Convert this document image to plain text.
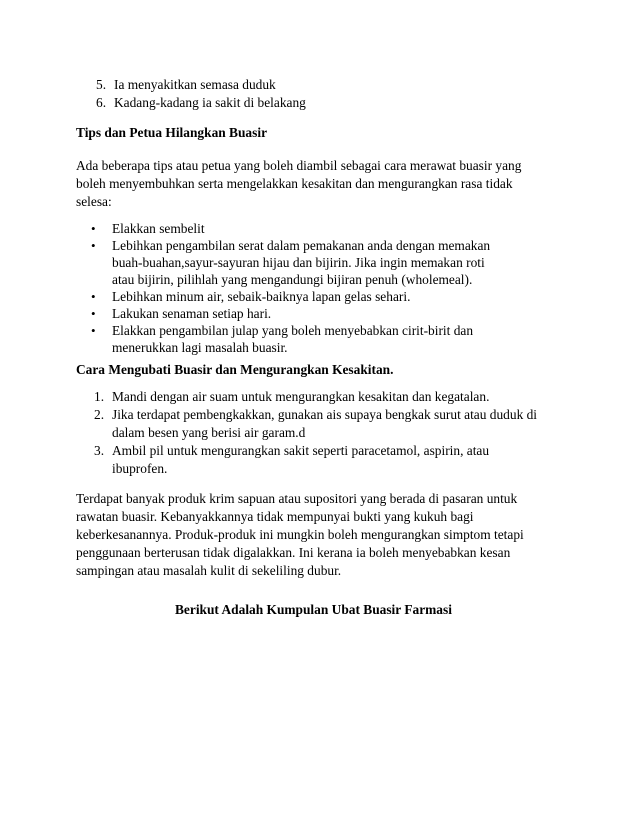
5. Ia menyakitkan semasa duduk
6. Kadang-kadang ia sakit di belakang
Tips dan Petua Hilangkan Buasir
Ada beberapa tips atau petua yang boleh diambil sebagai cara merawat buasir yang
boleh menyembuhkan serta mengelakkan kesakitan dan mengurangkan rasa tidak
selesa:
• Elakkan sembelit
• Lebihkan pengambilan serat dalam pemakanan anda dengan memakan
buah-buahan,sayur-sayuran hijau dan bijirin. Jika ingin memakan roti
atau bijirin, pilihlah yang mengandungi bijiran penuh (wholemeal).
• Lebihkan minum air, sebaik-baiknya lapan gelas sehari.
• Lakukan senaman setiap hari.
• Elakkan pengambilan julap yang boleh menyebabkan cirit-birit dan
menerukkan lagi masalah buasir.
Cara Mengubati Buasir dan Mengurangkan Kesakitan.
1. Mandi dengan air suam untuk mengurangkan kesakitan dan kegatalan.
2. Jika terdapat pembengkakkan, gunakan ais supaya bengkak surut atau duduk di
dalam besen yang berisi air garam.d
3. Ambil pil untuk mengurangkan sakit seperti paracetamol, aspirin, atau
ibuprofen.
Terdapat banyak produk krim sapuan atau supositori yang berada di pasaran untuk
rawatan buasir. Kebanyakkannya tidak mempunyai bukti yang kukuh bagi
keberkesanannya. Produk-produk ini mungkin boleh mengurangkan simptom tetapi
penggunaan berterusan tidak digalakkan. Ini kerana ia boleh menyebabkan kesan
sampingan atau masalah kulit di sekeliling dubur.
Berikut Adalah Kumpulan Ubat Buasir Farmasi
